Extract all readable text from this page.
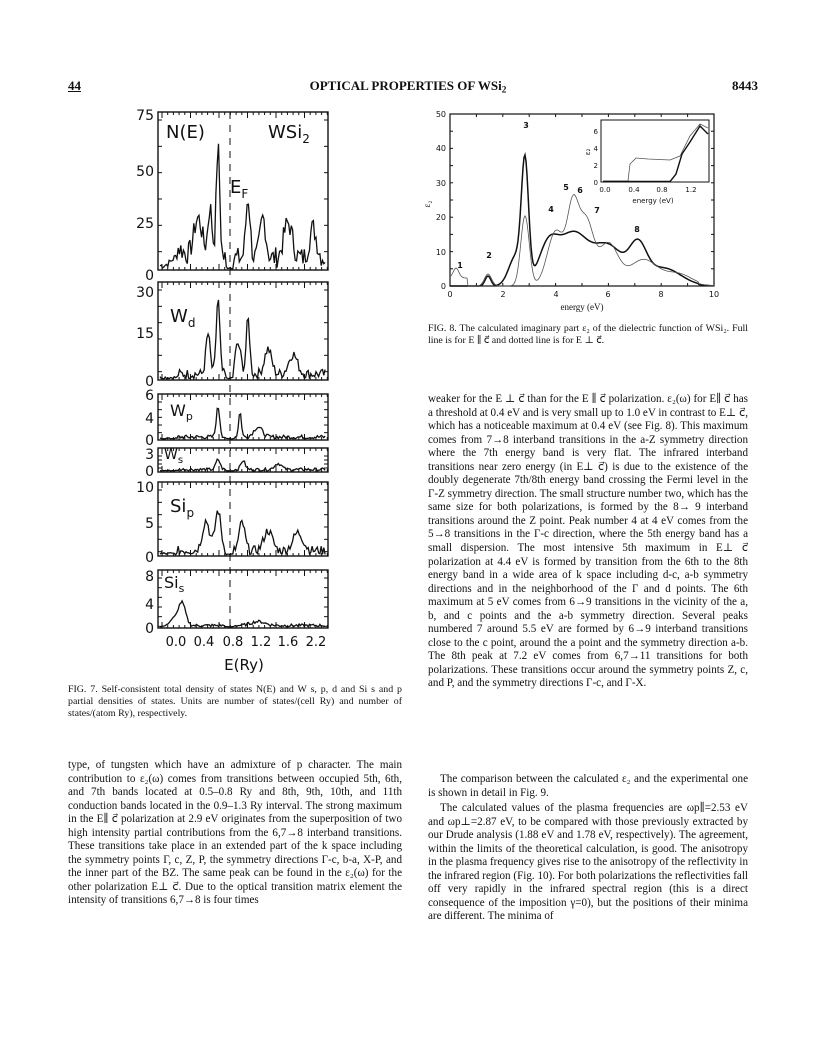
44	OPTICAL PROPERTIES OF WSi$_2$	8443
75
50
25
0
30
15
0
6
4
0
3
0
10
5
0
8
4
0
N(E)	WSi$_2$
$W_d$
$W_p$
$W_s$
$Si_p$
$Si_s$
$E_F$
0.0 0.4 0.8 1.2 1.6 2.2
E(Ry)

FIG. 7. Self-consistent total density of states N(E) and W s, p, d and Si s and p partial densities of states. Units are number of states/(cell Ry) and number of states/(atom Ry), respectively.

0
10
20
30
40
50
0	2	4	6	8	10
energy (eV)
ε₂
1
2
3
4
5 6
7
8
0
2
4
6
0.0	0.4 0.8	1.2
energy (eV)
ε₂

FIG. 8. The calculated imaginary part ε₂ of the dielectric function of WSi₂. Full line is for E ∥ c⃗ and dotted line is for E ⊥ c⃗.

type, of tungsten which have an admixture of p character. The main contribution to ε₂(ω) comes from transitions between occupied 5th, 6th, and 7th bands located at 0.5–0.8 Ry and 8th, 9th, 10th, and 11th conduction bands located in the 0.9–1.3 Ry interval. The strong maximum in the E∥ c⃗ polarization at 2.9 eV originates from the superposition of two high intensity partial contributions from the 6,7→8 interband transitions. These transitions take place in an extended part of the k space including the symmetry points Γ, c, Z, P, the symmetry directions Γ-c, b-a, X-P, and the inner part of the BZ. The same peak can be found in the ε₂(ω) for the other polarization E⊥ c⃗. Due to the optical transition matrix element the intensity of transitions 6,7→8 is four times

weaker for the E ⊥ c⃗ than for the E ∥ c⃗ polarization. ε₂(ω) for E∥ c⃗ has a threshold at 0.4 eV and is very small up to 1.0 eV in contrast to E⊥ c⃗, which has a noticeable maximum at 0.4 eV (see Fig. 8). This maximum comes from 7→8 interband transitions in the a-Z symmetry direction where the 7th energy band is very flat. The infrared interband transitions near zero energy (in E⊥ c⃗) is due to the existence of the doubly degenerate 7th/8th energy band crossing the Fermi level in the Γ-Z symmetry direction. The small structure number two, which has the same size for both polarizations, is formed by the 8→ 9 interband transitions around the Z point. Peak number 4 at 4 eV comes from the 5→8 transitions in the Γ-c direction, where the 5th energy band has a small dispersion. The most intensive 5th maximum in E⊥ c⃗ polarization at 4.4 eV is formed by transition from the 6th to the 8th energy band in a wide area of k space including d-c, a-b symmetry directions and in the neighborhood of the Γ and d points. The 6th maximum at 5 eV comes from 6→9 transitions in the vicinity of the a, b, and c points and the a-b symmetry direction. Several peaks numbered 7 around 5.5 eV are formed by 6→9 interband transitions close to the c point, around the a point and the symmetry direction a-b. The 8th peak at 7.2 eV comes from 6,7→11 transitions for both polarizations. These transitions occur around the symmetry points Z, c, and P, and the symmetry directions Γ-c, and Γ-X.

The comparison between the calculated ε₂ and the experimental one is shown in detail in Fig. 9.

The calculated values of the plasma frequencies are ωp∥=2.53 eV and ωp⊥=2.87 eV, to be compared with those previously extracted by our Drude analysis (1.88 eV and 1.78 eV, respectively). The agreement, within the limits of the theoretical calculation, is good. The anisotropy in the plasma frequency gives rise to the anisotropy of the reflectivity in the infrared region (Fig. 10). For both polarizations the reflectivities fall off very rapidly in the infrared spectral region (this is a direct consequence of the imposition γ=0), but the positions of their minima are different. The minima of
